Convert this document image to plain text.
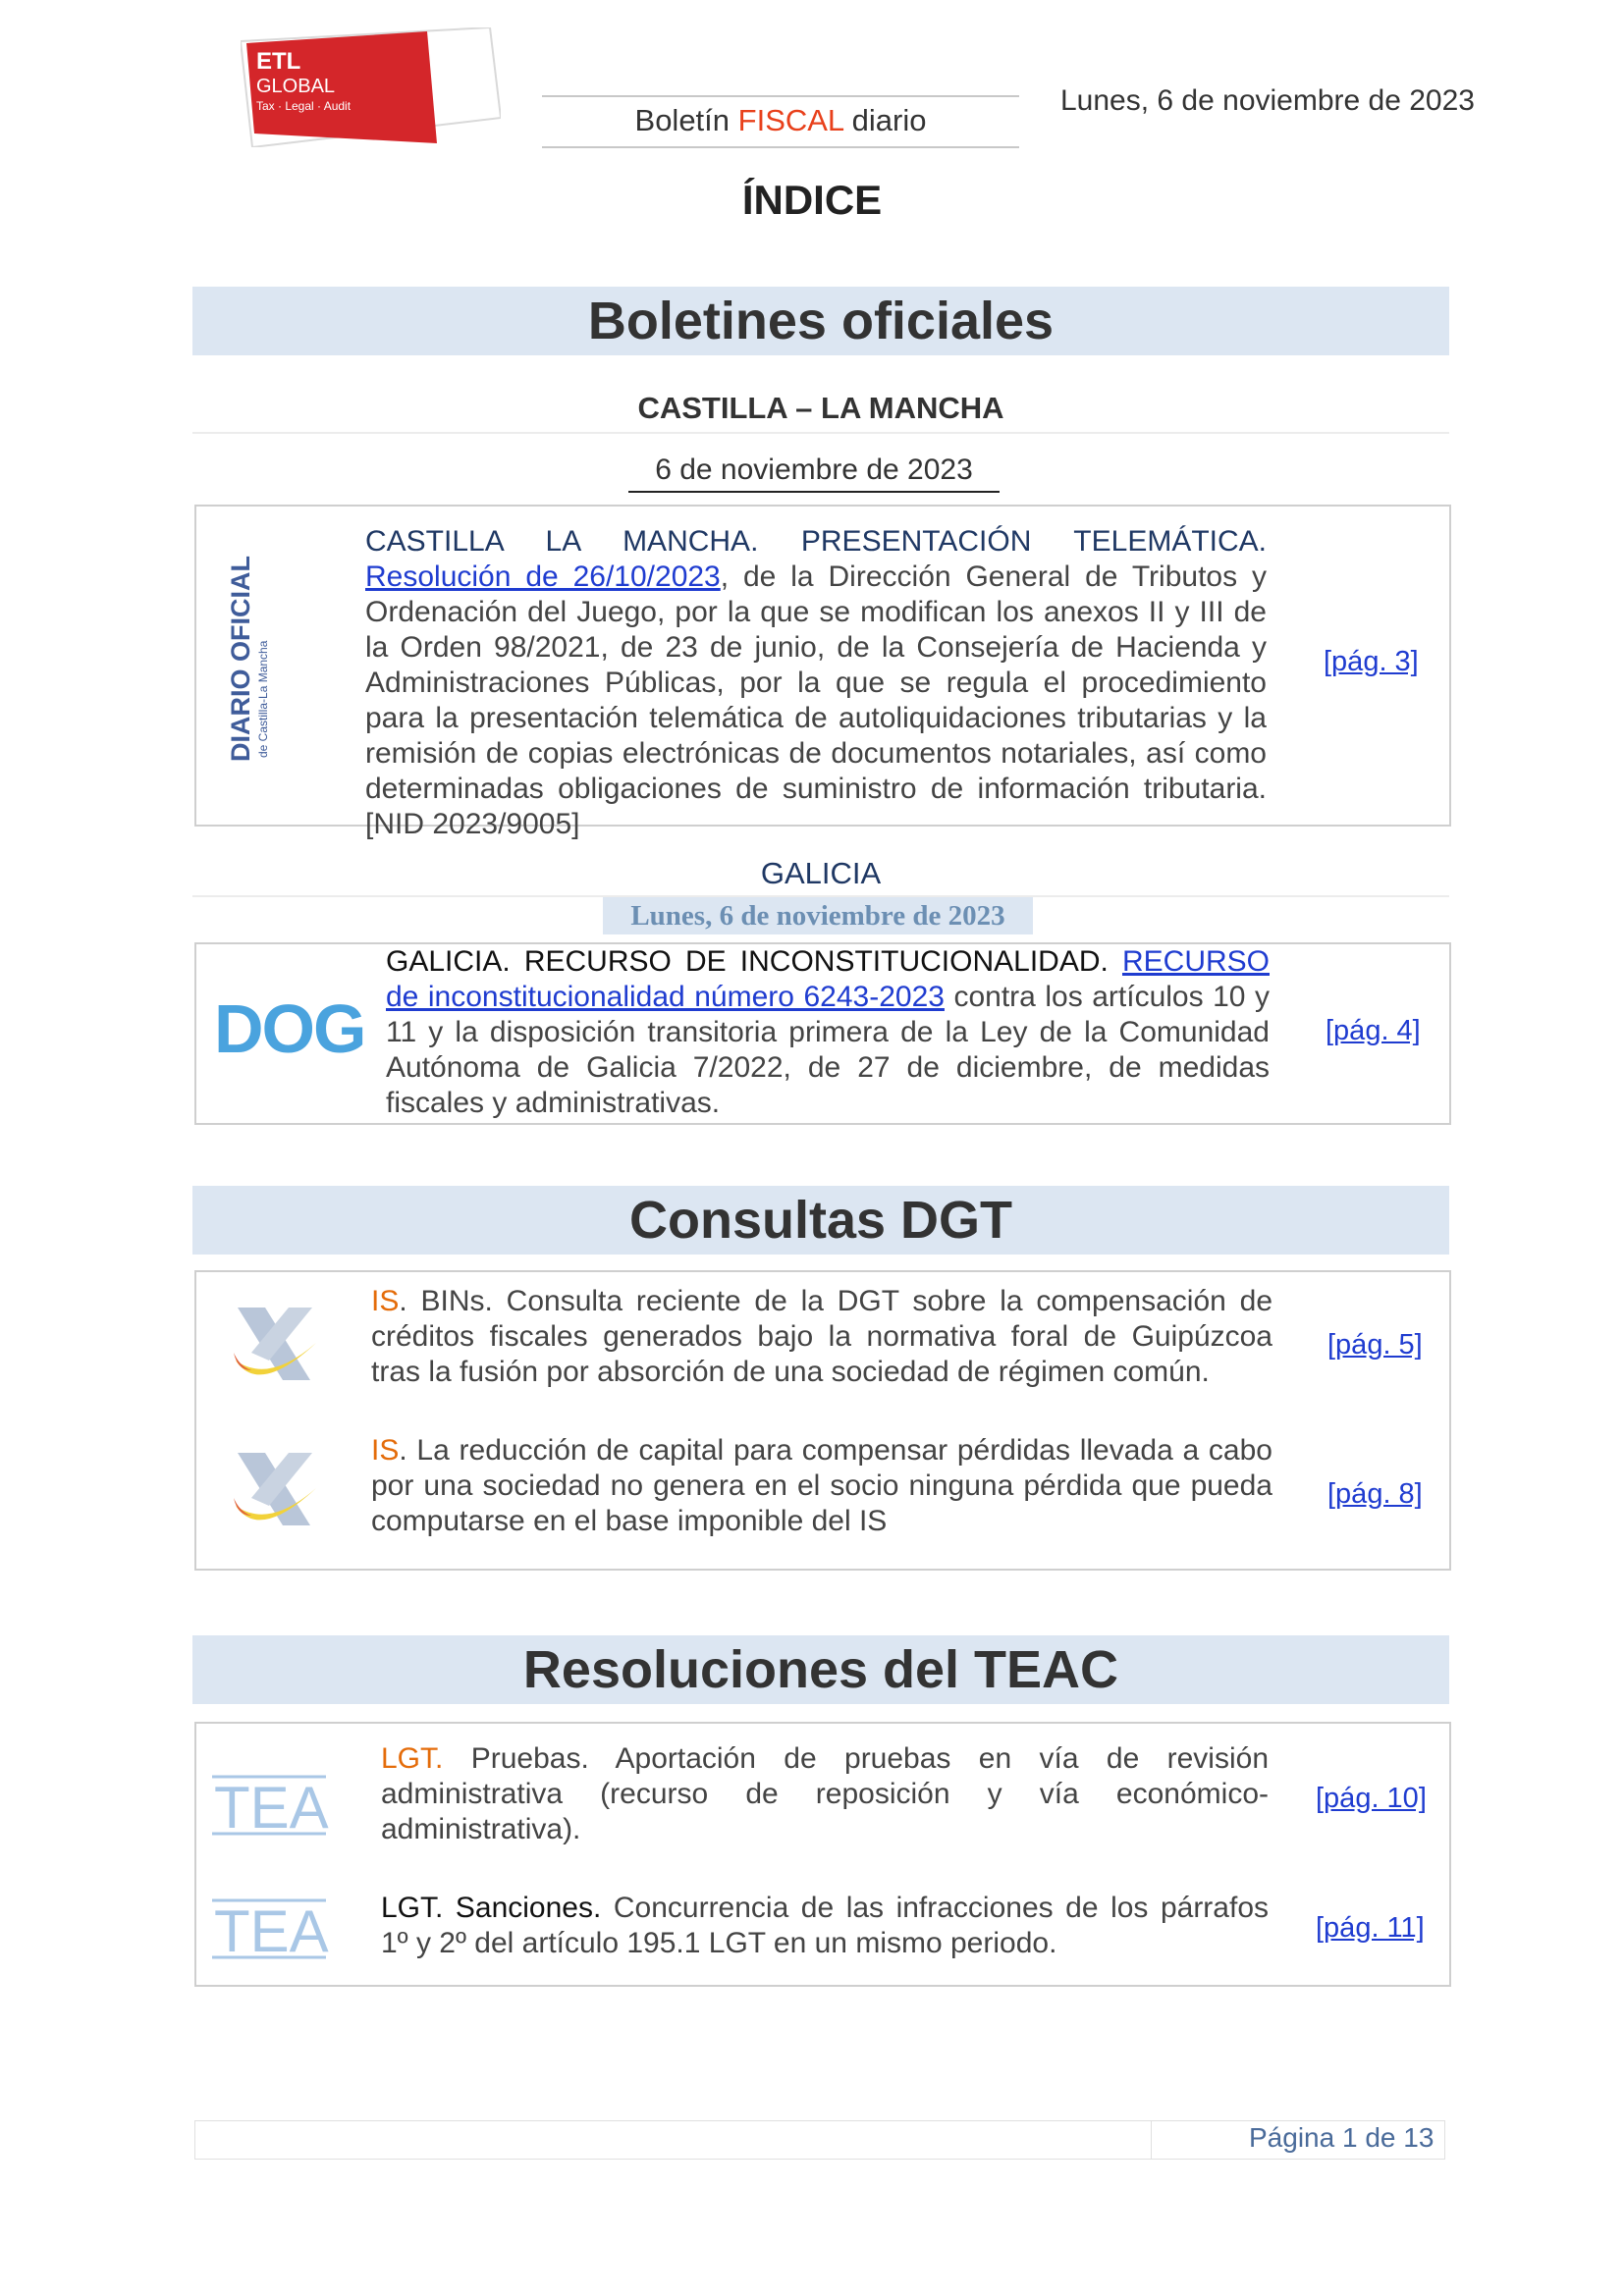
ETL
GLOBAL
Tax · Legal · Audit	Boletín FISCAL diario
Lunes, 6 de noviembre de 2023
ÍNDICE
Boletines oficiales
CASTILLA – LA MANCHA
6 de noviembre de 2023
DIARIO OFICIAL de Castilla-La Mancha
CASTILLA LA MANCHA. PRESENTACIÓN TELEMÁTICA. Resolución de 26/10/2023, de la Dirección General de Tributos y Ordenación del Juego, por la que se modifican los anexos II y III de la Orden 98/2021, de 23 de junio, de la Consejería de Hacienda y Administraciones Públicas, por la que se regula el procedimiento para la presentación telemática de autoliquidaciones tributarias y la remisión de copias electrónicas de documentos notariales, así como determinadas obligaciones de suministro de información tributaria. [NID 2023/9005]
[pág. 3]
GALICIA
Lunes, 6 de noviembre de 2023
DOG
GALICIA. RECURSO DE INCONSTITUCIONALIDAD. RECURSO de inconstitucionalidad número 6243-2023 contra los artículos 10 y 11 y la disposición transitoria primera de la Ley de la Comunidad Autónoma de Galicia 7/2022, de 27 de diciembre, de medidas fiscales y administrativas.
[pág. 4]
Consultas DGT
IS. BINs. Consulta reciente de la DGT sobre la compensación de créditos fiscales generados bajo la normativa foral de Guipúzcoa tras la fusión por absorción de una sociedad de régimen común.
[pág. 5]
IS. La reducción de capital para compensar pérdidas llevada a cabo por una sociedad no genera en el socio ninguna pérdida que pueda computarse en el base imponible del IS
[pág. 8]
Resoluciones del TEAC
TEA
LGT. Pruebas. Aportación de pruebas en vía de revisión administrativa (recurso de reposición y vía económico-administrativa).
[pág. 10]
TEA LGT. Sanciones. Concurrencia de las infracciones de los párrafos 1º y 2º del artículo 195.1 LGT en un mismo periodo.	[pág. 11]
Página 1 de 13
